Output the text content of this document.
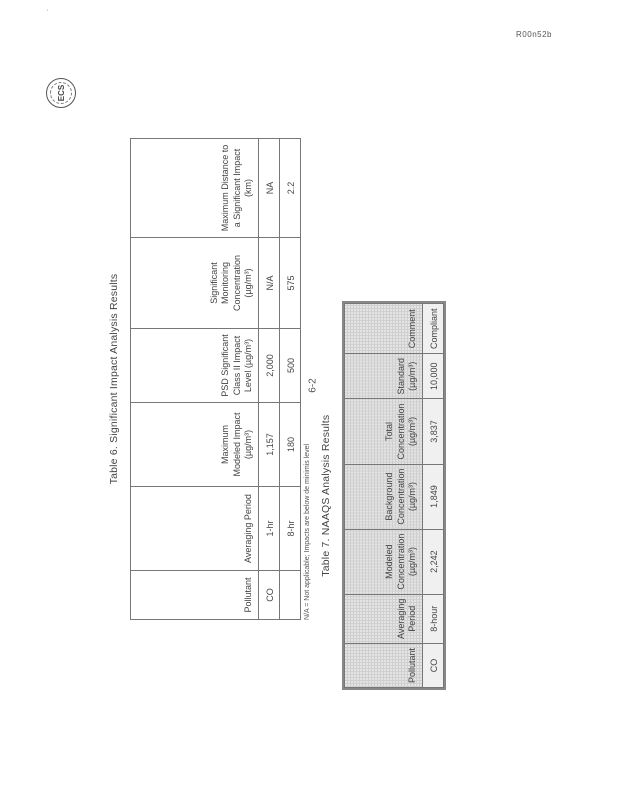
'
R00n52b
ECS
Table 6. Significant Impact Analysis Results
Pollutant	Averaging Period	Maximum Modeled Impact (µg/m³)	PSD Significant Class II Impact Level (µg/m³)	Significant Monitoring Concentration (µg/m³)	Maximum Distance to a Significant Impact (km)
CO	1-hr	1,157	2,000	N/A	NA
	8-hr	180	500	575	2.2
N/A = Not applicable; Impacts are below de minimis level Table 7. NAAQS Analysis Results
Pollutant	Averaging Period	Modeled Concentration (µg/m³)	Background Concentration (µg/m³)	Total Concentration (µg/m³)	Standard (µg/m³)	Comment
CO	8-hour	2,242	1,849	3,837	10,000	Compliant
6-2
